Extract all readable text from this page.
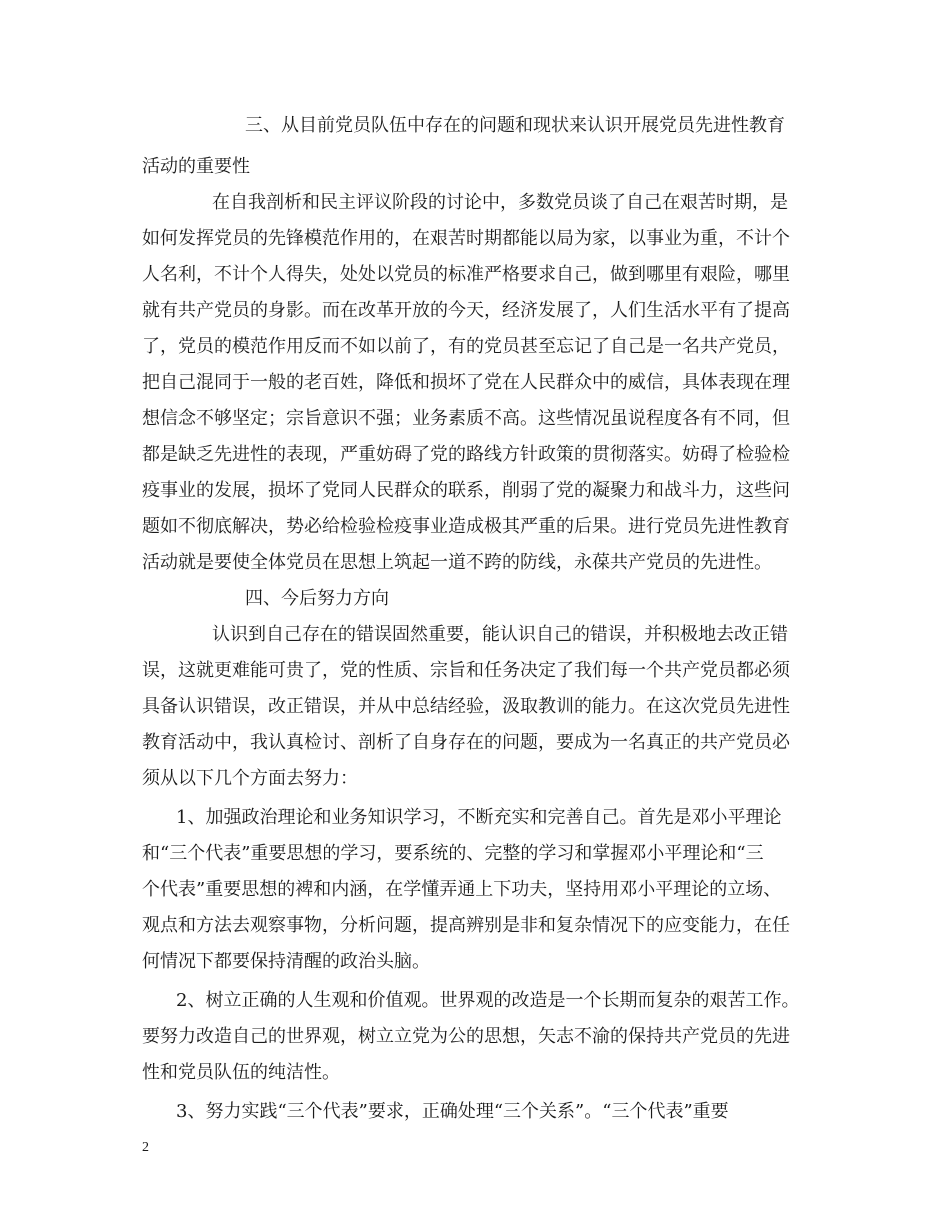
三、从目前党员队伍中存在的问题和现状来认识开展党员先进性教育
活动的重要性
在自我剖析和民主评议阶段的讨论中，多数党员谈了自己在艰苦时期，是
如何发挥党员的先锋模范作用的，在艰苦时期都能以局为家，以事业为重，不计个
人名利，不计个人得失，处处以党员的标准严格要求自己，做到哪里有艰险，哪里
就有共产党员的身影。而在改革开放的今天，经济发展了，人们生活水平有了提高
了，党员的模范作用反而不如以前了，有的党员甚至忘记了自己是一名共产党员，
把自己混同于一般的老百姓，降低和损坏了党在人民群众中的威信，具体表现在理
想信念不够坚定；宗旨意识不强；业务素质不高。这些情况虽说程度各有不同，但
都是缺乏先进性的表现，严重妨碍了党的路线方针政策的贯彻落实。妨碍了检验检
疫事业的发展，损坏了党同人民群众的联系，削弱了党的凝聚力和战斗力，这些问
题如不彻底解决，势必给检验检疫事业造成极其严重的后果。进行党员先进性教育
活动就是要使全体党员在思想上筑起一道不跨的防线，永葆共产党员的先进性。
四、今后努力方向
认识到自己存在的错误固然重要，能认识自己的错误，并积极地去改正错
误，这就更难能可贵了，党的性质、宗旨和任务决定了我们每一个共产党员都必须
具备认识错误，改正错误，并从中总结经验，汲取教训的能力。在这次党员先进性
教育活动中，我认真检讨、剖析了自身存在的问题，要成为一名真正的共产党员必
须从以下几个方面去努力：
1、加强政治理论和业务知识学习，不断充实和完善自己。首先是邓小平理论
和“三个代表”重要思想的学习，要系统的、完整的学习和掌握邓小平理论和“三
个代表”重要思想的裨和内涵，在学懂弄通上下功夫，坚持用邓小平理论的立场、
观点和方法去观察事物，分析问题，提高辨别是非和复杂情况下的应变能力，在任
何情况下都要保持清醒的政治头脑。
2、树立正确的人生观和价值观。世界观的改造是一个长期而复杂的艰苦工作。
要努力改造自己的世界观，树立立党为公的思想，矢志不渝的保持共产党员的先进
性和党员队伍的纯洁性。
3、努力实践“三个代表”要求，正确处理“三个关系”。“三个代表”重要
2
